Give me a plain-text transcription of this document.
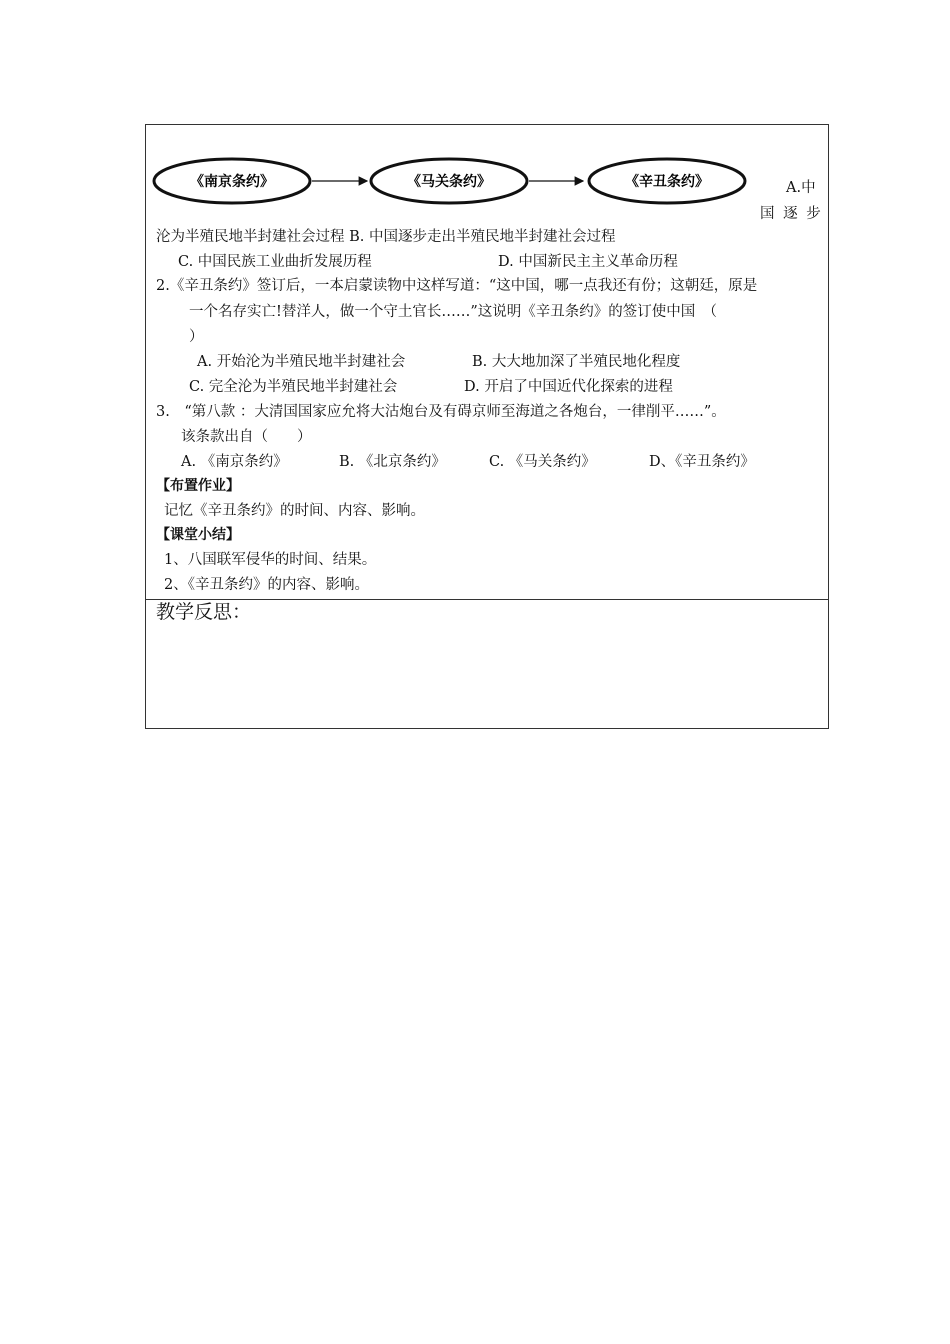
《南京条约》	《马关条约》	《辛丑条约》	A.中
国 逐 步
沦为半殖民地半封建社会过程 B. 中国逐步走出半殖民地半封建社会过程
C. 中国民族工业曲折发展历程	D. 中国新民主主义革命历程
2.《辛丑条约》签订后，一本启蒙读物中这样写道：“这中国，哪一点我还有份；这朝廷，原是
一个名存实亡!替洋人，做一个守土官长……”这说明《辛丑条约》的签订使中国　（
）
A. 开始沦为半殖民地半封建社会	B. 大大地加深了半殖民地化程度
C. 完全沦为半殖民地半封建社会	D. 开启了中国近代化探索的进程
3.　“第八款 ：大清国国家应允将大沽炮台及有碍京师至海道之各炮台，一律削平……”。
该条款出自（　　）
A. 《南京条约》	B. 《北京条约》	C. 《马关条约》	D、《辛丑条约》
【布置作业】
记忆《辛丑条约》的时间、内容、影响。
【课堂小结】
1、八国联军侵华的时间、结果。
2、《辛丑条约》的内容、影响。
教学反思：
